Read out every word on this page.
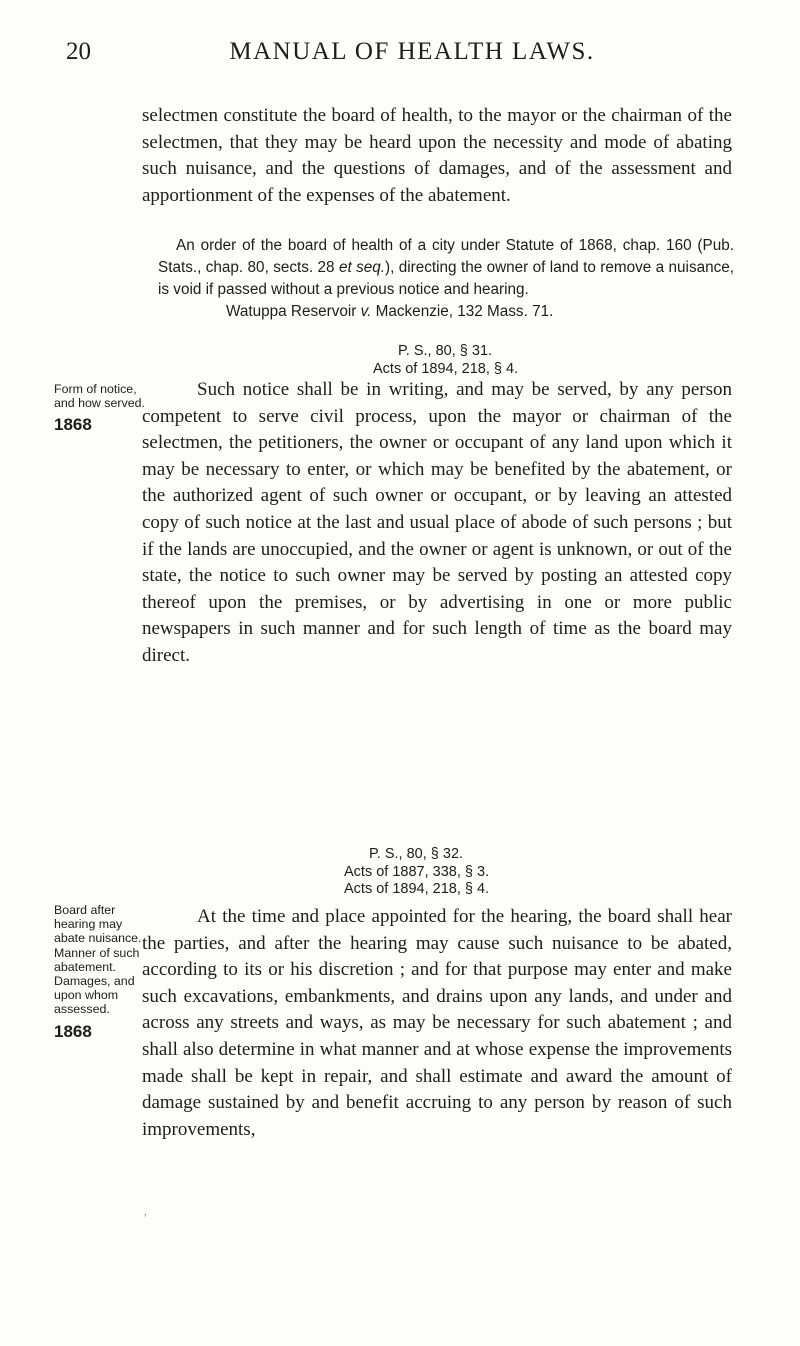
20	MANUAL OF HEALTH LAWS.

selectmen constitute the board of health, to the mayor or the chairman of the selectmen, that they may be heard upon the necessity and mode of abating such nuisance, and the questions of damages, and of the assessment and apportionment of the expenses of the abatement.

An order of the board of health of a city under Statute of 1868, chap. 160 (Pub. Stats., chap. 80, sects. 28 et seq.), directing the owner of land to remove a nuisance, is void if passed without a previous notice and hearing.

Watuppa Reservoir v. Mackenzie, 132 Mass. 71.

P. S., 80, § 31.
Acts of 1894, 218, § 4.
Form of notice,
and how served.
1868

Such notice shall be in writing, and may be served, by any person competent to serve civil process, upon the mayor or chairman of the selectmen, the petitioners, the owner or occupant of any land upon which it may be necessary to enter, or which may be benefited by the abatement, or the authorized agent of such owner or occupant, or by leaving an attested copy of such notice at the last and usual place of abode of such persons ; but if the lands are unoccupied, and the owner or agent is unknown, or out of the state, the notice to such owner may be served by posting an attested copy thereof upon the premises, or by advertising in one or more public newspapers in such manner and for such length of time as the board may direct.

P. S., 80, § 32.
Acts of 1887, 338, § 3.
Acts of 1894, 218, § 4.
Board after
hearing may
abate nuisance.
Manner of such
abatement.
Damages, and
upon whom
assessed.
1868

At the time and place appointed for the hearing, the board shall hear the parties, and after the hearing may cause such nuisance to be abated, according to its or his discretion ; and for that purpose may enter and make such excavations, embankments, and drains upon any lands, and under and across any streets and ways, as may be necessary for such abatement ; and shall also determine in what manner and at whose expense the improvements made shall be kept in repair, and shall estimate and award the amount of damage sustained by and benefit accruing to any person by reason of such improvements,

,
